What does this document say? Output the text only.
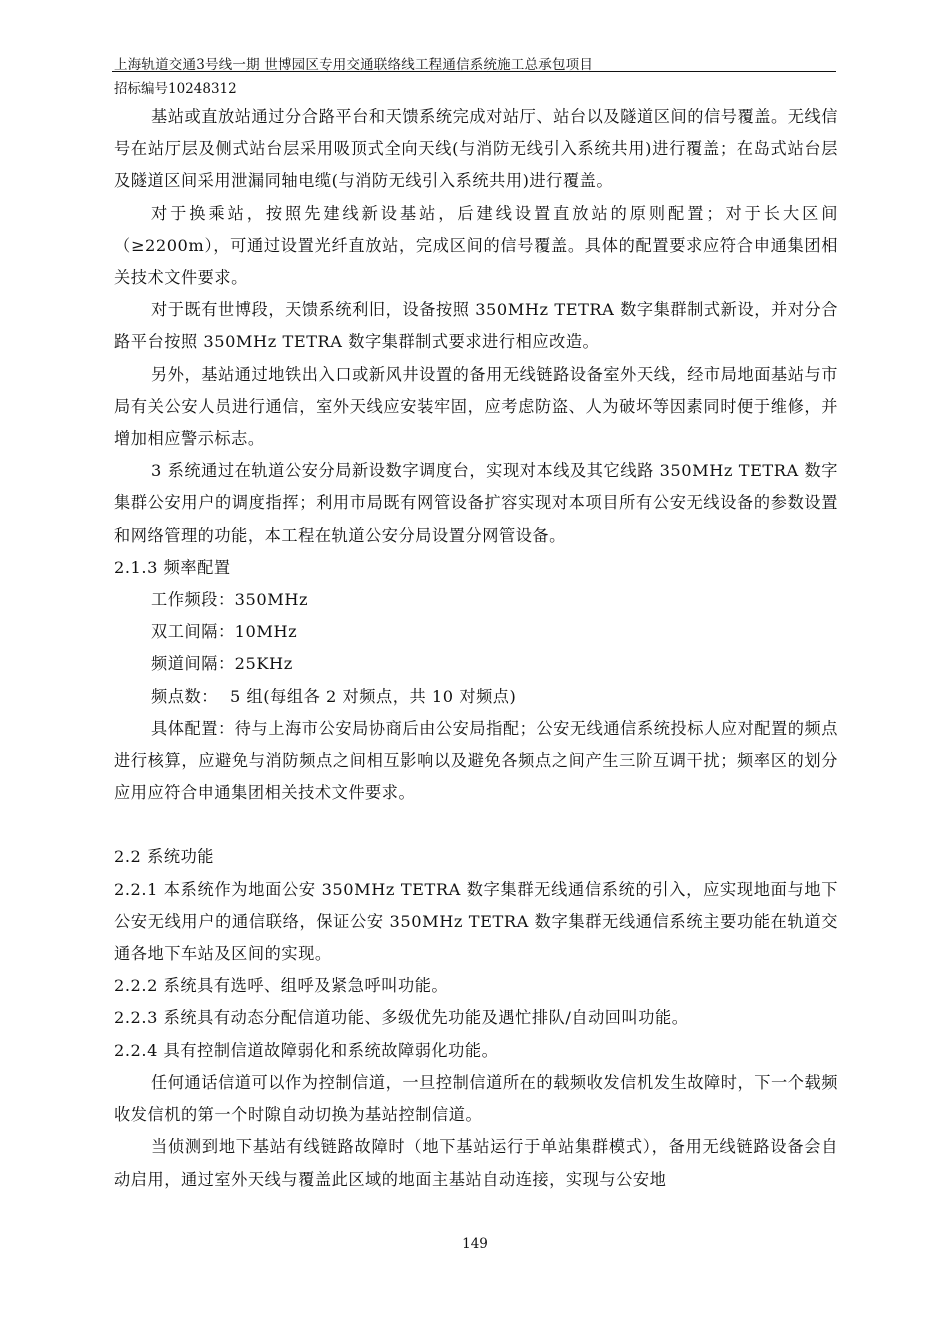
上海轨道交通3号线一期 世博园区专用交通联络线工程通信系统施工总承包项目
招标编号10248312

基站或直放站通过分合路平台和天馈系统完成对站厅、站台以及隧道区间的信号覆盖。无线信号在站厅层及侧式站台层采用吸顶式全向天线(与消防无线引入系统共用)进行覆盖；在岛式站台层及隧道区间采用泄漏同轴电缆(与消防无线引入系统共用)进行覆盖。

对于换乘站，按照先建线新设基站，后建线设置直放站的原则配置；对于长大区间（≥2200m），可通过设置光纤直放站，完成区间的信号覆盖。具体的配置要求应符合申通集团相关技术文件要求。

对于既有世博段，天馈系统利旧，设备按照 350MHz TETRA 数字集群制式新设，并对分合路平台按照 350MHz TETRA 数字集群制式要求进行相应改造。

另外，基站通过地铁出入口或新风井设置的备用无线链路设备室外天线，经市局地面基站与市局有关公安人员进行通信，室外天线应安装牢固，应考虑防盗、人为破坏等因素同时便于维修，并增加相应警示标志。

3 系统通过在轨道公安分局新设数字调度台，实现对本线及其它线路 350MHz TETRA 数字集群公安用户的调度指挥；利用市局既有网管设备扩容实现对本项目所有公安无线设备的参数设置和网络管理的功能，本工程在轨道公安分局设置分网管设备。

2.1.3 频率配置

工作频段：350MHz

双工间隔：10MHz

频道间隔：25KHz

频点数： 5 组(每组各 2 对频点，共 10 对频点)

具体配置：待与上海市公安局协商后由公安局指配；公安无线通信系统投标人应对配置的频点进行核算，应避免与消防频点之间相互影响以及避免各频点之间产生三阶互调干扰；频率区的划分应用应符合申通集团相关技术文件要求。

2.2 系统功能

2.2.1 本系统作为地面公安 350MHz TETRA 数字集群无线通信系统的引入，应实现地面与地下公安无线用户的通信联络，保证公安 350MHz TETRA 数字集群无线通信系统主要功能在轨道交通各地下车站及区间的实现。

2.2.2 系统具有选呼、组呼及紧急呼叫功能。

2.2.3 系统具有动态分配信道功能、多级优先功能及遇忙排队/自动回叫功能。

2.2.4 具有控制信道故障弱化和系统故障弱化功能。

任何通话信道可以作为控制信道，一旦控制信道所在的载频收发信机发生故障时，下一个载频收发信机的第一个时隙自动切换为基站控制信道。

当侦测到地下基站有线链路故障时（地下基站运行于单站集群模式），备用无线链路设备会自动启用，通过室外天线与覆盖此区域的地面主基站自动连接，实现与公安地

149
